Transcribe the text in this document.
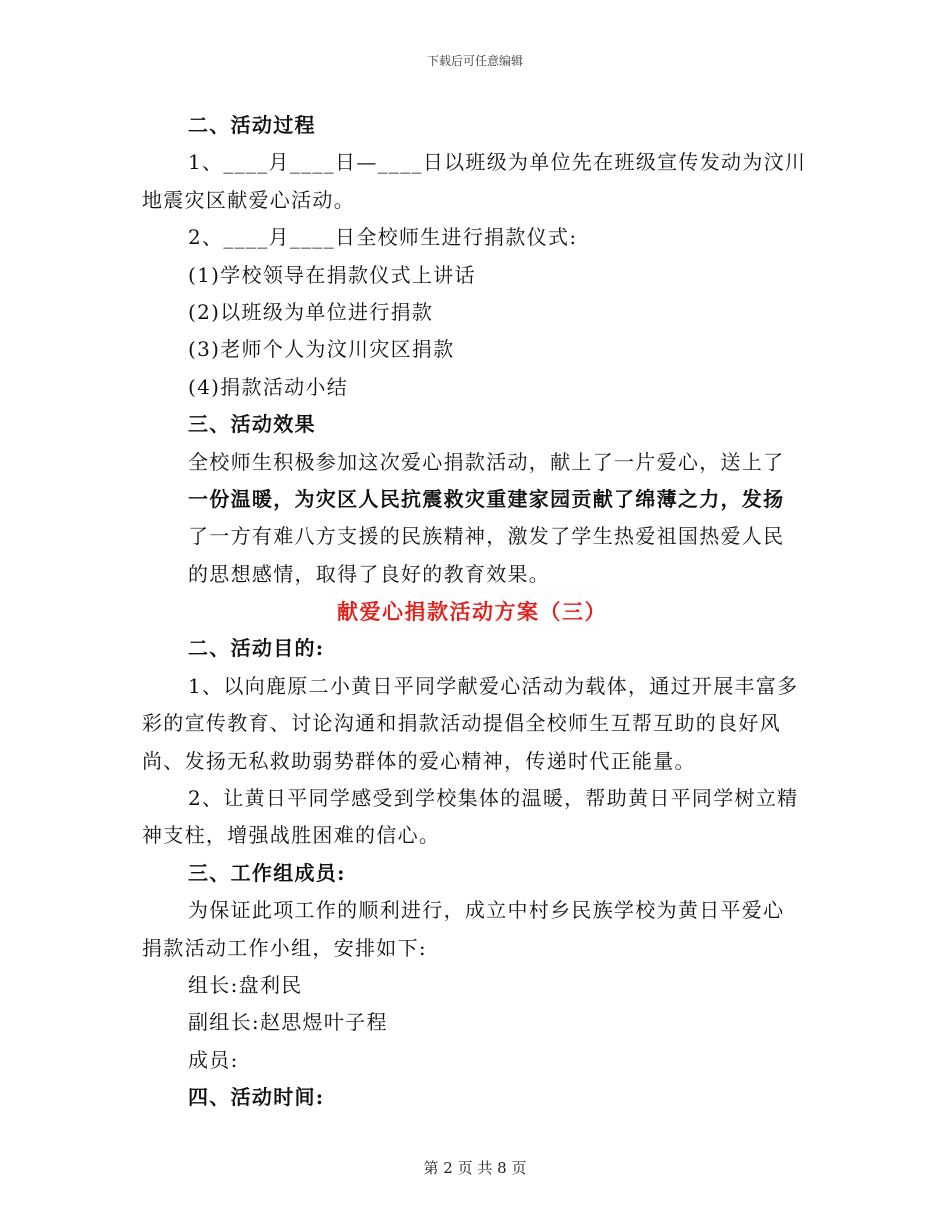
下载后可任意编辑
二、活动过程
1、____月____日—____日以班级为单位先在班级宣传发动为汶川
地震灾区献爱心活动。
2、____月____日全校师生进行捐款仪式:
(1)学校领导在捐款仪式上讲话
(2)以班级为单位进行捐款
(3)老师个人为汶川灾区捐款
(4)捐款活动小结
三、活动效果
全校师生积极参加这次爱心捐款活动，献上了一片爱心，送上了
一份温暖，为灾区人民抗震救灾重建家园贡献了绵薄之力，发扬
了一方有难八方支援的民族精神，激发了学生热爱祖国热爱人民
的思想感情，取得了良好的教育效果。
献爱心捐款活动方案（三）
二、活动目的:
1、以向鹿原二小黄日平同学献爱心活动为载体，通过开展丰富多
彩的宣传教育、讨论沟通和捐款活动提倡全校师生互帮互助的良好风
尚、发扬无私救助弱势群体的爱心精神，传递时代正能量。
2、让黄日平同学感受到学校集体的温暖，帮助黄日平同学树立精
神支柱，增强战胜困难的信心。
三、工作组成员:
为保证此项工作的顺利进行，成立中村乡民族学校为黄日平爱心
捐款活动工作小组，安排如下:
组长:盘利民
副组长:赵思煜叶子程
成员:
四、活动时间:
第 2 页 共 8 页
